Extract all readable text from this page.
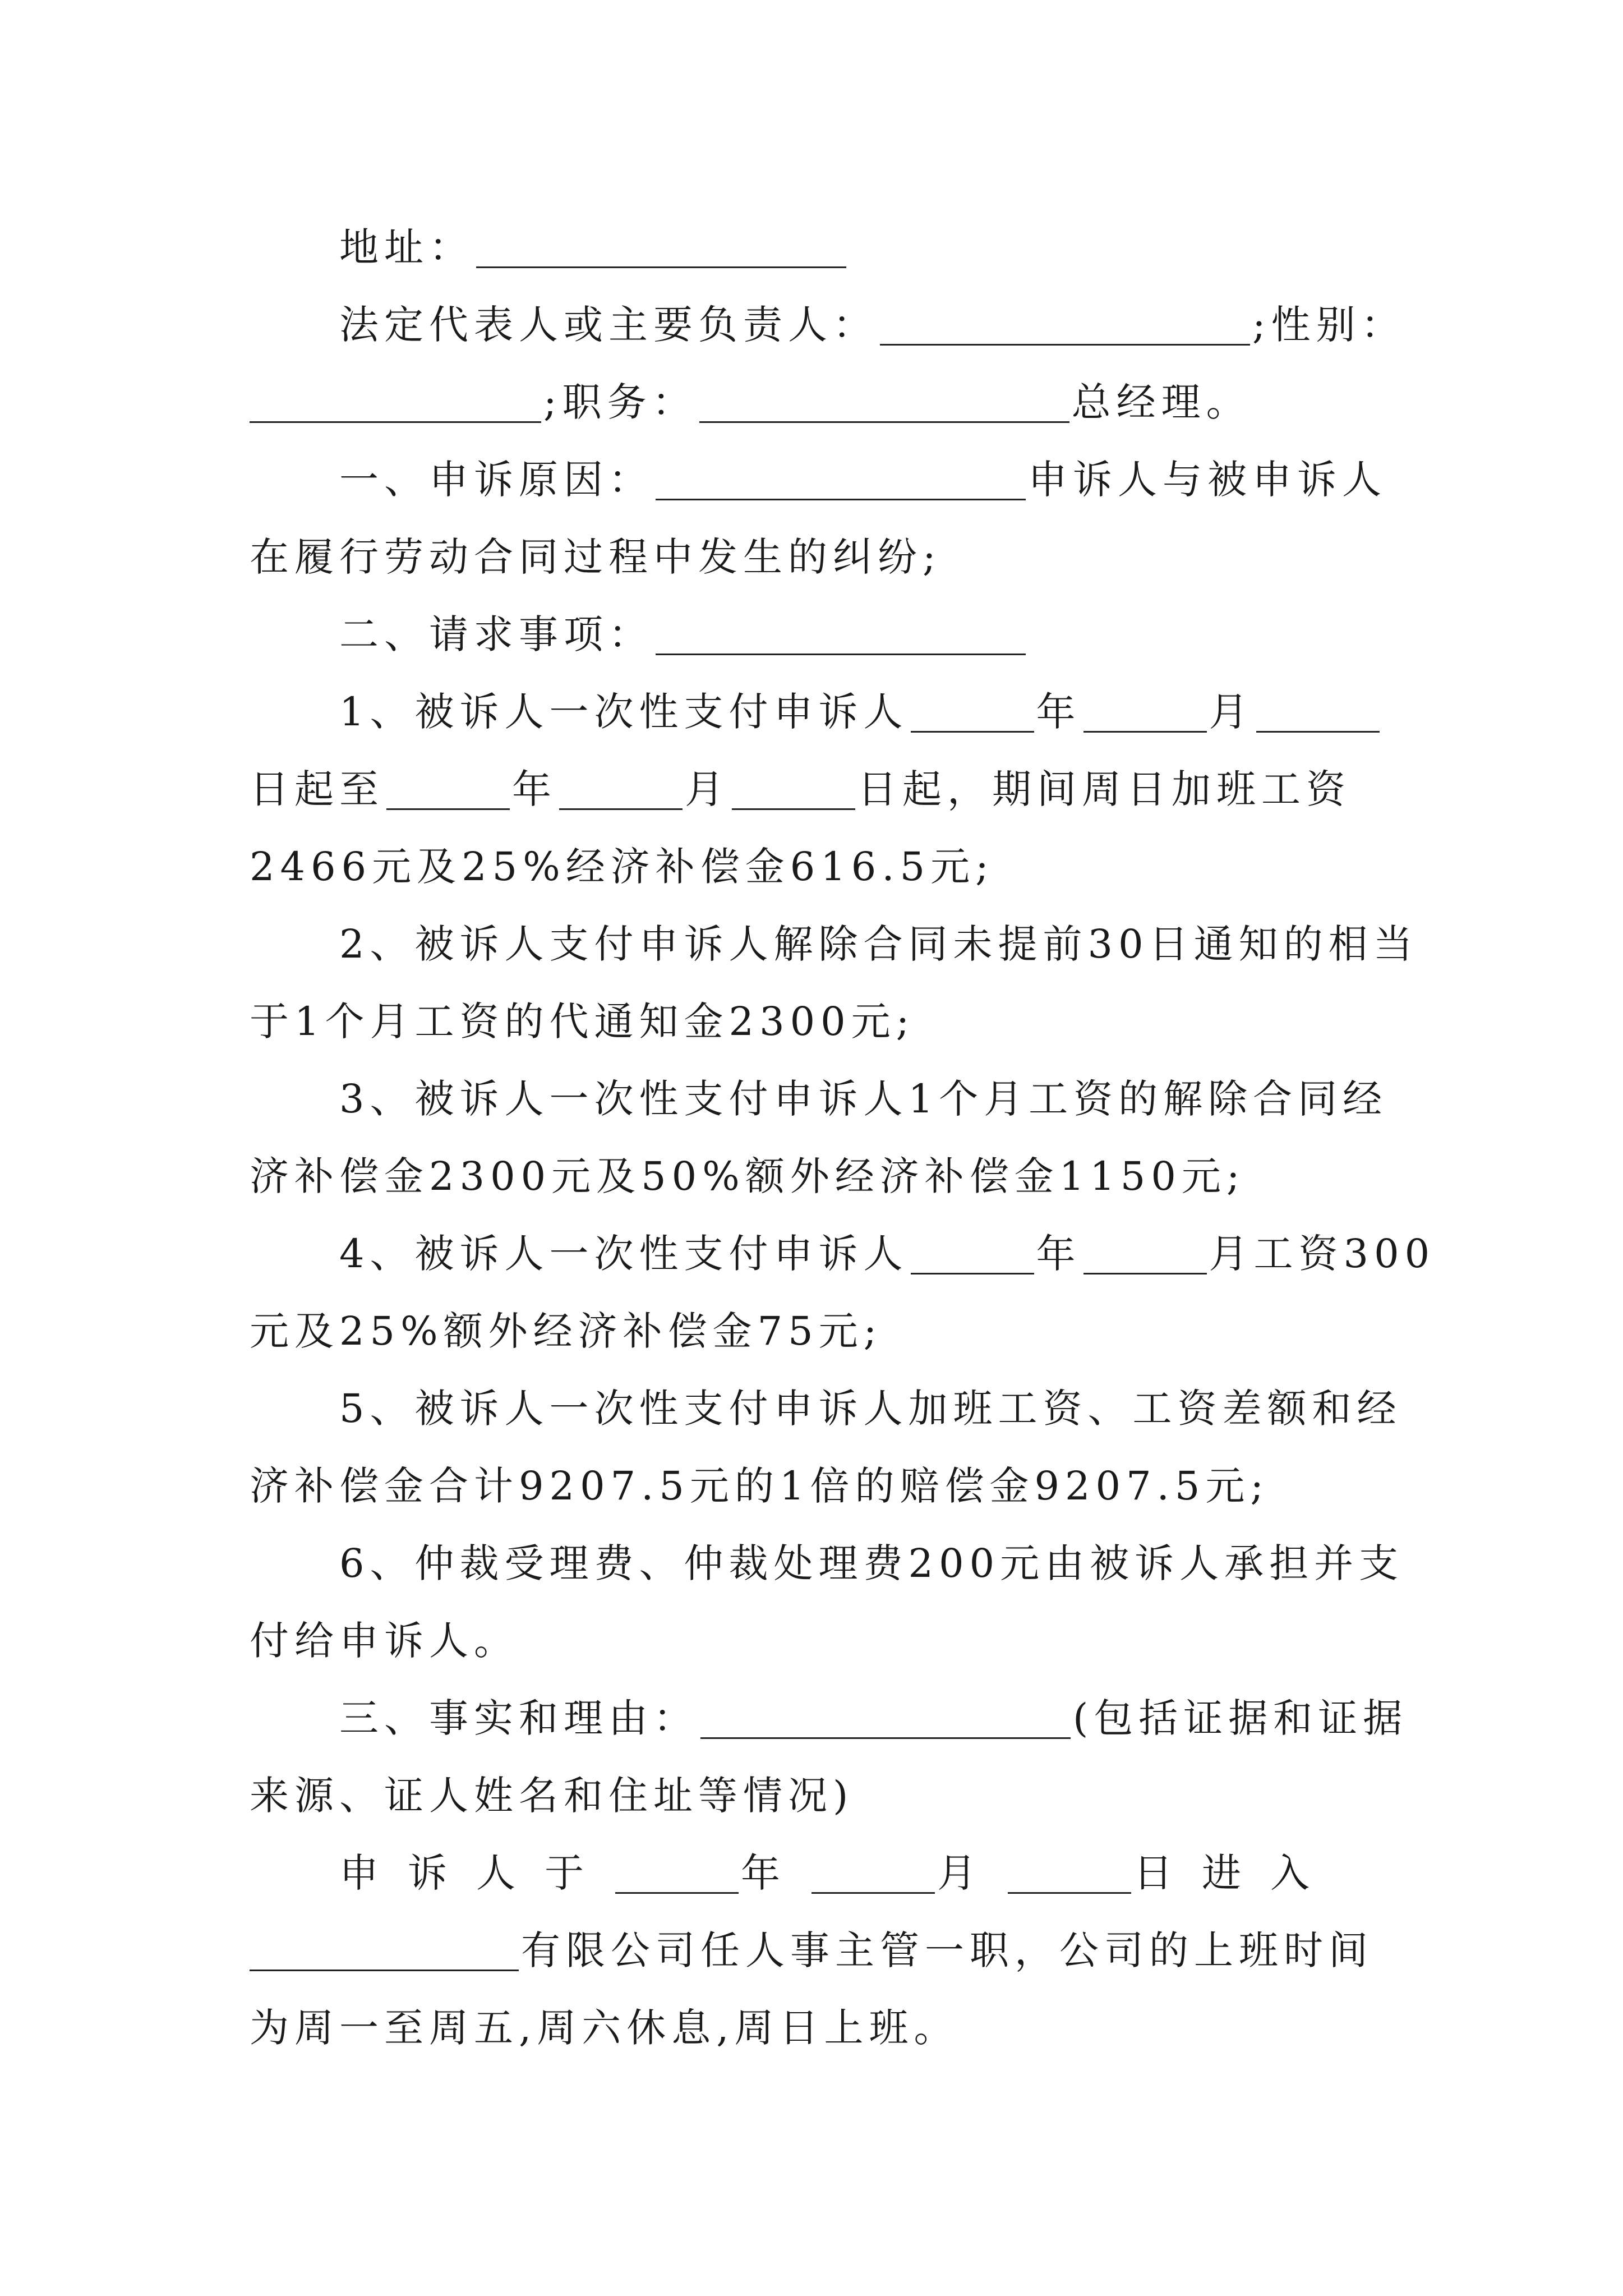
地址：
法定代表人或主要负责人：	;性别：
;职务：	总经理。
一、申诉原因：	申诉人与被申诉人
在履行劳动合同过程中发生的纠纷;
二、请求事项：
1、被诉人一次性支付申诉人	年	月
日起至	年	月	日起，期间周日加班工资
2466元及25%经济补偿金616.5元;
2、被诉人支付申诉人解除合同未提前30日通知的相当
于1个月工资的代通知金2300元;
3、被诉人一次性支付申诉人1个月工资的解除合同经
济补偿金2300元及50%额外经济补偿金1150元;
4、被诉人一次性支付申诉人	年	月工资300
元及25%额外经济补偿金75元;
5、被诉人一次性支付申诉人加班工资、工资差额和经
济补偿金合计9207.5元的1倍的赔偿金9207.5元;
6、仲裁受理费、仲裁处理费200元由被诉人承担并支
付给申诉人。
三、事实和理由：	(包括证据和证据
来源、证人姓名和住址等情况)
申诉人于	年	月	日进入
有限公司任人事主管一职，公司的上班时间
为周一至周五,周六休息,周日上班。
